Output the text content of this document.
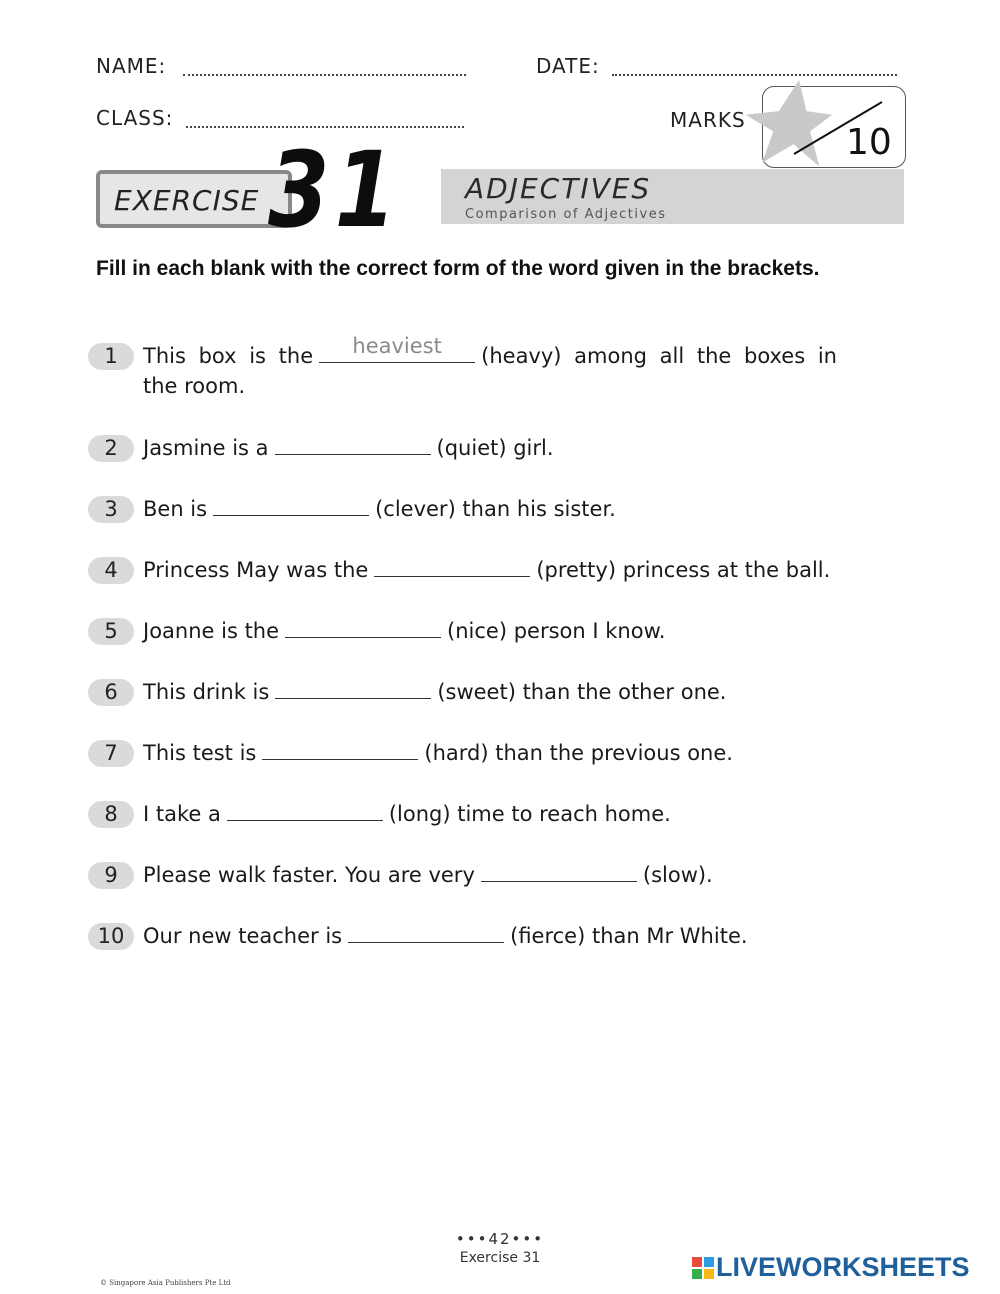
NAME:	DATE:
CLASS:	MARKS
10
EXERCISE 31 ADJECTIVES
Comparison of Adjectives
Fill in each blank with the correct form of the word given in the brackets.
1	This box is the	heaviest	(heavy) among all the boxes in
the room.
2	Jasmine is a	(quiet) girl.
3	Ben is	(clever) than his sister.
4	Princess May was the	(pretty) princess at the ball.
5	Joanne is the	(nice) person I know.
6	This drink is	(sweet) than the other one.
7	This test is	(hard) than the previous one.
8	I take a	(long) time to reach home.
9	Please walk faster. You are very	(slow).
10 Our new teacher is	(fierce) than Mr White.
•••42•••
Exercise 31
© Singapore Asia Publishers Pte Ltd
LIVEWORKSHEETS
